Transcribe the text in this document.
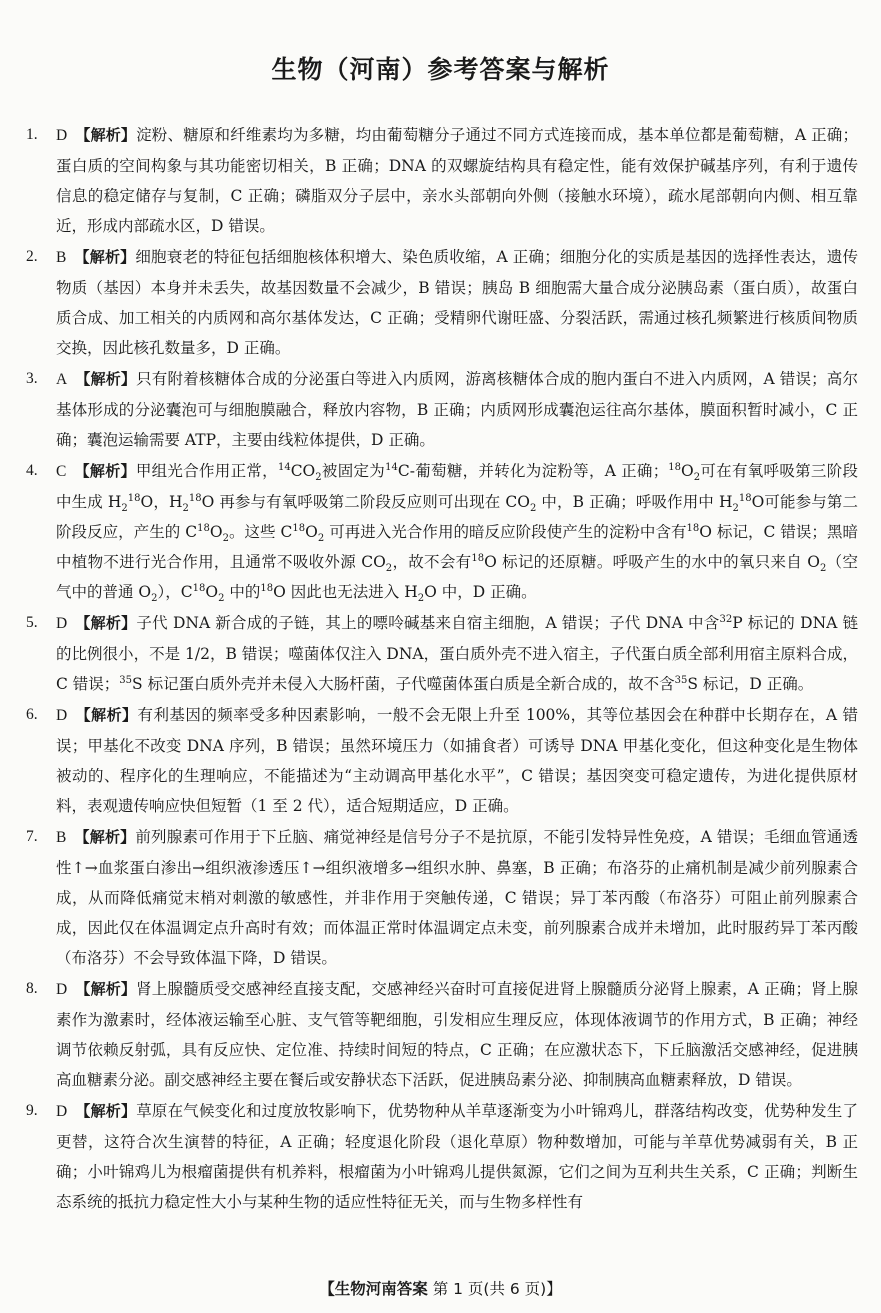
生物（河南）参考答案与解析
1. D 【解析】淀粉、糖原和纤维素均为多糖，均由葡萄糖分子通过不同方式连接而成，基本单位都是葡萄糖，A 正确；蛋白质的空间构象与其功能密切相关，B 正确；DNA 的双螺旋结构具有稳定性，能有效保护碱基序列，有利于遗传信息的稳定储存与复制，C 正确；磷脂双分子层中，亲水头部朝向外侧（接触水环境），疏水尾部朝向内侧、相互靠近，形成内部疏水区，D 错误。
2. B 【解析】细胞衰老的特征包括细胞核体积增大、染色质收缩，A 正确；细胞分化的实质是基因的选择性表达，遗传物质（基因）本身并未丢失，故基因数量不会减少，B 错误；胰岛 B 细胞需大量合成分泌胰岛素（蛋白质），故蛋白质合成、加工相关的内质网和高尔基体发达，C 正确；受精卵代谢旺盛、分裂活跃，需通过核孔频繁进行核质间物质交换，因此核孔数量多，D 正确。
3. A 【解析】只有附着核糖体合成的分泌蛋白等进入内质网，游离核糖体合成的胞内蛋白不进入内质网，A 错误；高尔基体形成的分泌囊泡可与细胞膜融合，释放内容物，B 正确；内质网形成囊泡运往高尔基体，膜面积暂时减小，C 正确；囊泡运输需要 ATP，主要由线粒体提供，D 正确。
4. C 【解析】甲组光合作用正常，$^{14}CO_2$被固定为$^{14}$C-葡萄糖，并转化为淀粉等，A 正确；$^{18}O_2$可在有氧呼吸第三阶段中生成 $H_2^{18}O$，$H_2^{18}O$ 再参与有氧呼吸第二阶段反应则可出现在 $CO_2$ 中，B 正确；呼吸作用中 $H_2^{18}O$可能参与第二阶段反应，产生的 $C^{18}O_2$。这些 $C^{18}O_2$ 可再进入光合作用的暗反应阶段使产生的淀粉中含有$^{18}$O 标记，C 错误；黑暗中植物不进行光合作用，且通常不吸收外源 $CO_2$，故不会有$^{18}$O 标记的还原糖。呼吸产生的水中的氧只来自 $O_2$（空气中的普通 $O_2$），$C^{18}O_2$ 中的$^{18}$O 因此也无法进入 $H_2O$ 中，D 正确。
5. D 【解析】子代 DNA 新合成的子链，其上的嘌呤碱基来自宿主细胞，A 错误；子代 DNA 中含$^{32}$P 标记的 DNA 链的比例很小，不是 1/2，B 错误；噬菌体仅注入 DNA，蛋白质外壳不进入宿主，子代蛋白质全部利用宿主原料合成，C 错误；$^{35}$S 标记蛋白质外壳并未侵入大肠杆菌，子代噬菌体蛋白质是全新合成的，故不含$^{35}$S 标记，D 正确。
6. D 【解析】有利基因的频率受多种因素影响，一般不会无限上升至 100%，其等位基因会在种群中长期存在，A 错误；甲基化不改变 DNA 序列，B 错误；虽然环境压力（如捕食者）可诱导 DNA 甲基化变化，但这种变化是生物体被动的、程序化的生理响应，不能描述为“主动调高甲基化水平”，C 错误；基因突变可稳定遗传，为进化提供原材料，表观遗传响应快但短暂（1 至 2 代），适合短期适应，D 正确。
7. B 【解析】前列腺素可作用于下丘脑、痛觉神经是信号分子不是抗原，不能引发特异性免疫，A 错误；毛细血管通透性↑→血浆蛋白渗出→组织液渗透压↑→组织液增多→组织水肿、鼻塞，B 正确；布洛芬的止痛机制是减少前列腺素合成，从而降低痛觉末梢对刺激的敏感性，并非作用于突触传递，C 错误；异丁苯丙酸（布洛芬）可阻止前列腺素合成，因此仅在体温调定点升高时有效；而体温正常时体温调定点未变，前列腺素合成并未增加，此时服药异丁苯丙酸（布洛芬）不会导致体温下降，D 错误。
8. D 【解析】肾上腺髓质受交感神经直接支配，交感神经兴奋时可直接促进肾上腺髓质分泌肾上腺素，A 正确；肾上腺素作为激素时，经体液运输至心脏、支气管等靶细胞，引发相应生理反应，体现体液调节的作用方式，B 正确；神经调节依赖反射弧，具有反应快、定位准、持续时间短的特点，C 正确；在应激状态下，下丘脑激活交感神经，促进胰高血糖素分泌。副交感神经主要在餐后或安静状态下活跃，促进胰岛素分泌、抑制胰高血糖素释放，D 错误。
9. D 【解析】草原在气候变化和过度放牧影响下，优势物种从羊草逐渐变为小叶锦鸡儿，群落结构改变，优势种发生了更替，这符合次生演替的特征，A 正确；轻度退化阶段（退化草原）物种数增加，可能与羊草优势减弱有关，B 正确；小叶锦鸡儿为根瘤菌提供有机养料，根瘤菌为小叶锦鸡儿提供氮源，它们之间为互利共生关系，C 正确；判断生态系统的抵抗力稳定性大小与某种生物的适应性特征无关，而与生物多样性有
【生物河南答案 第 1 页(共 6 页)】
